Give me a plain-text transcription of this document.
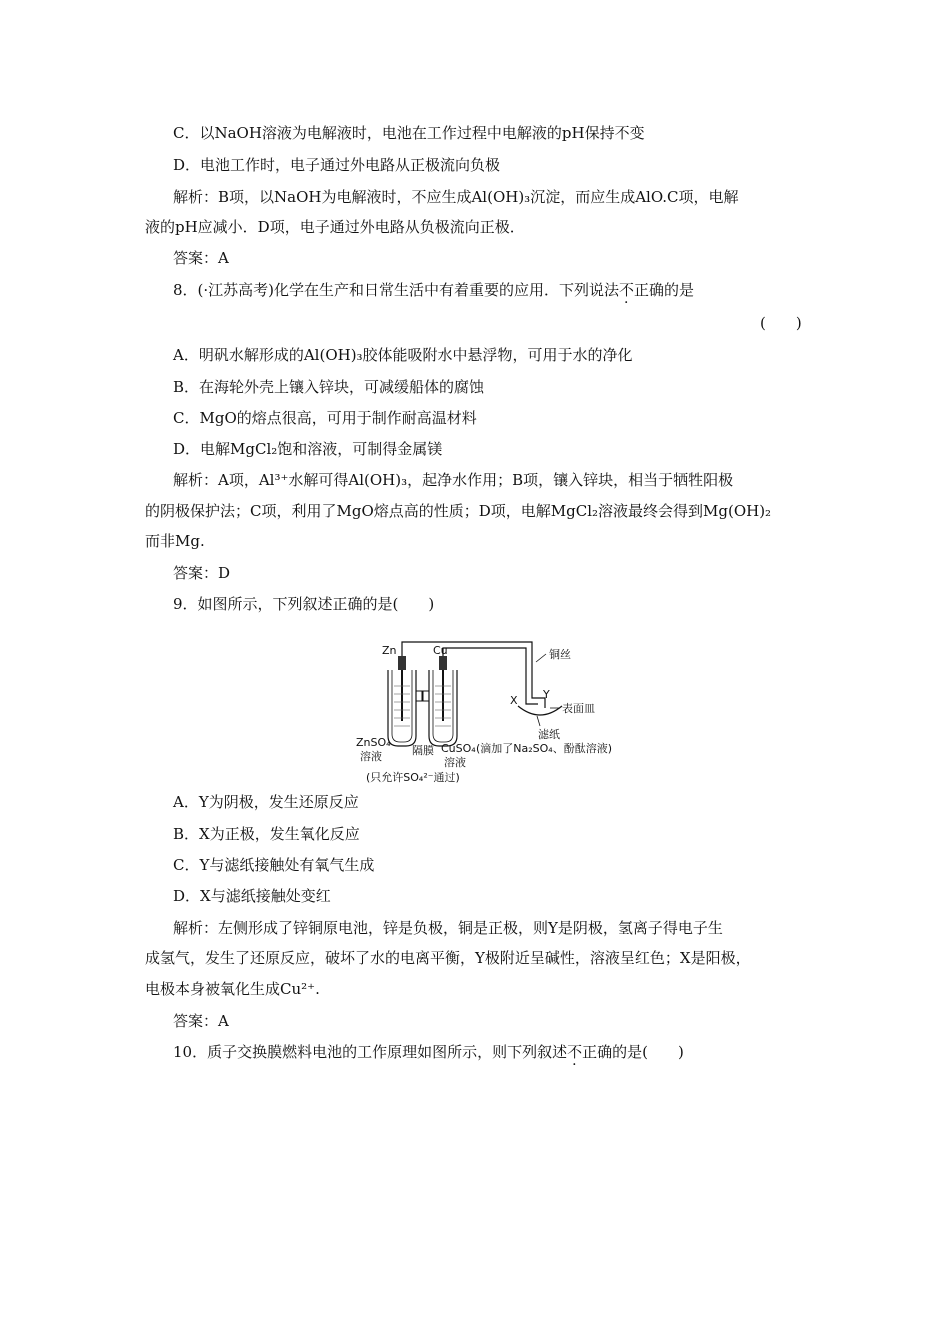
C．以NaOH溶液为电解液时，电池在工作过程中电解液的pH保持不变
D．电池工作时，电子通过外电路从正极流向负极
解析：B项，以NaOH为电解液时，不应生成Al(OH)₃沉淀，而应生成AlO.C项，电解
液的pH应减小．D项，电子通过外电路从负极流向正极．
答案：A
8．(·江苏高考)化学在生产和日常生活中有着重要的应用．下列说法不正确的是
(　　)
A．明矾水解形成的Al(OH)₃胶体能吸附水中悬浮物，可用于水的净化
B．在海轮外壳上镶入锌块，可减缓船体的腐蚀
C．MgO的熔点很高，可用于制作耐高温材料
D．电解MgCl₂饱和溶液，可制得金属镁
解析：A项，Al³⁺水解可得Al(OH)₃，起净水作用；B项，镶入锌块，相当于牺牲阳极
的阴极保护法；C项，利用了MgO熔点高的性质；D项，电解MgCl₂溶液最终会得到Mg(OH)₂
而非Mg.
答案：D
9．如图所示，下列叙述正确的是(　　)
Zn	Cu	铜丝
X Y
表面皿
滤纸
(滴加了Na₂SO₄、酚酞溶液)
ZnSO₄
溶液	隔膜 CuSO₄
溶液
(只允许SO₄²⁻通过)
A．Y为阴极，发生还原反应
B．X为正极，发生氧化反应
C．Y与滤纸接触处有氧气生成
D．X与滤纸接触处变红
解析：左侧形成了锌铜原电池，锌是负极，铜是正极，则Y是阴极，氢离子得电子生
成氢气，发生了还原反应，破坏了水的电离平衡，Y极附近呈碱性，溶液呈红色；X是阳极，
电极本身被氧化生成Cu²⁺.
答案：A
10．质子交换膜燃料电池的工作原理如图所示，则下列叙述不正确的是(　　)
